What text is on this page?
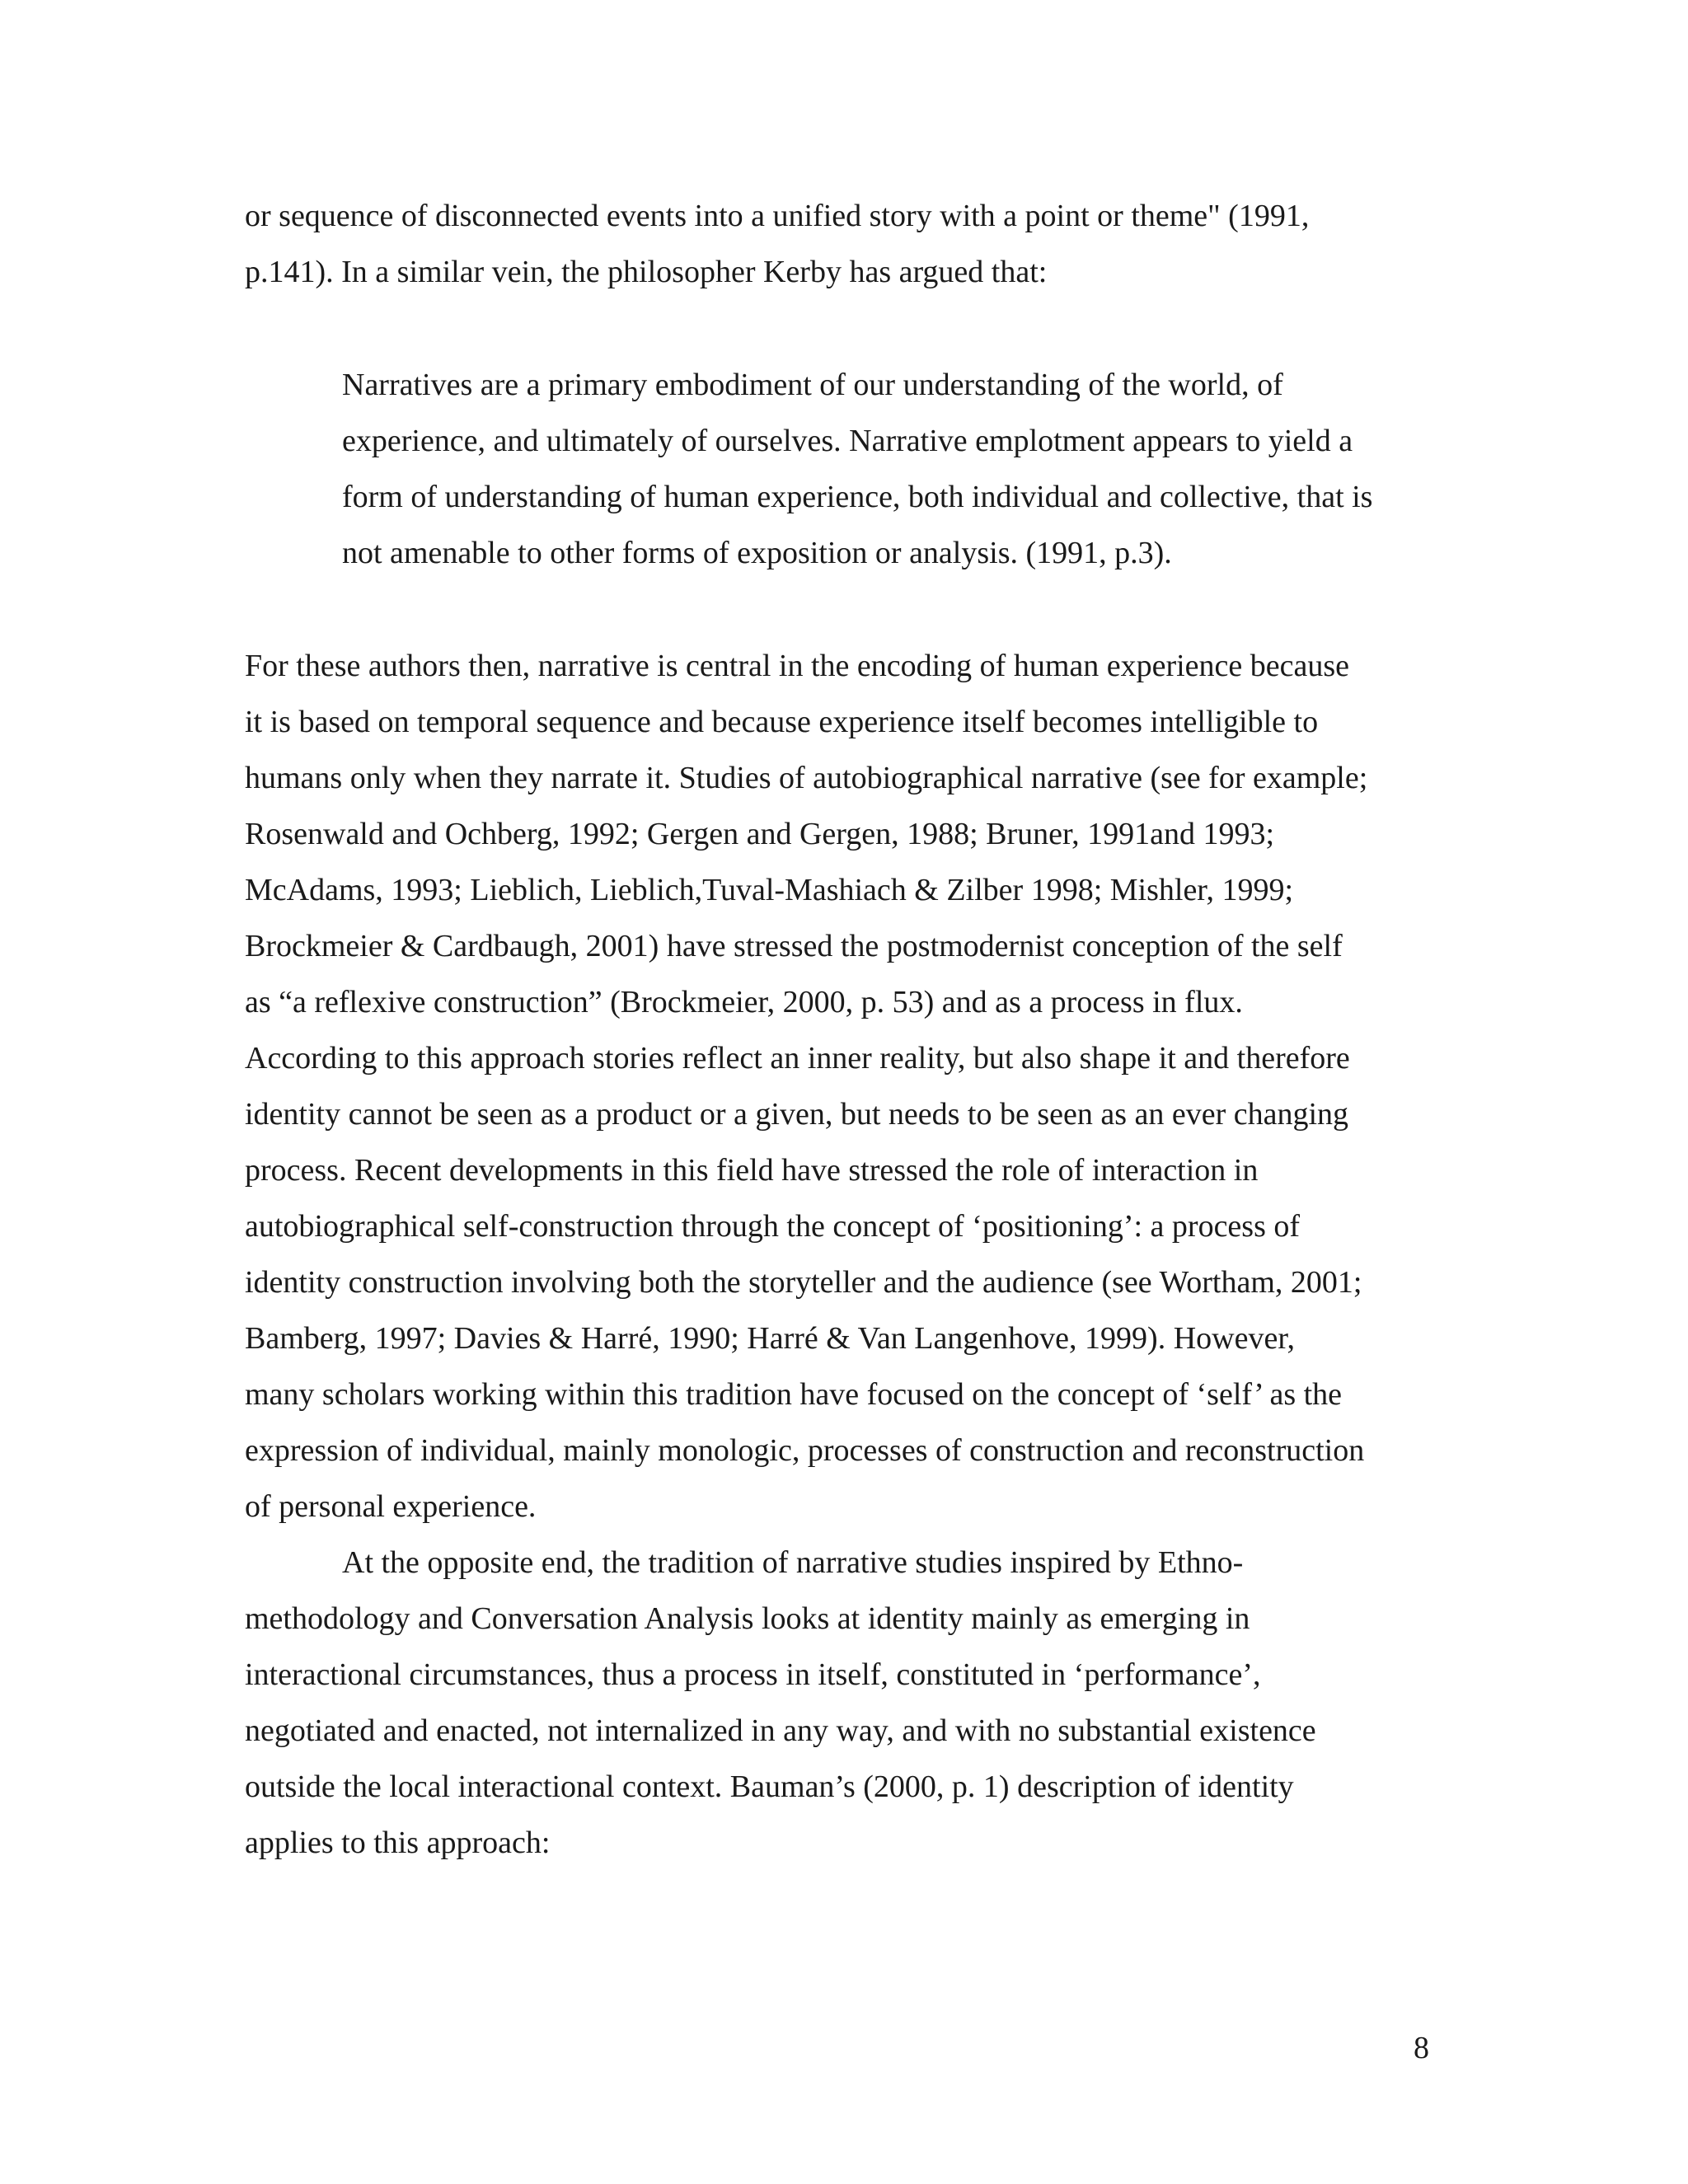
or sequence of disconnected events into a unified story with a point or theme" (1991,

p.141). In a similar vein, the philosopher Kerby has argued that:

Narratives are a primary embodiment of our understanding of the world, of

experience, and ultimately of ourselves. Narrative emplotment appears to yield a

form of understanding of human experience, both individual and collective, that is

not amenable to other forms of exposition or analysis. (1991, p.3).

For these authors then, narrative is central in the encoding of human experience because

it is based on temporal sequence and because experience itself becomes intelligible to

humans only when they narrate it. Studies of autobiographical narrative (see for example;

Rosenwald and Ochberg, 1992; Gergen and Gergen, 1988; Bruner, 1991and 1993;

McAdams, 1993; Lieblich, Lieblich,Tuval-Mashiach & Zilber 1998; Mishler, 1999;

Brockmeier & Cardbaugh, 2001) have stressed the postmodernist conception of the self

as “a reflexive construction” (Brockmeier, 2000, p. 53) and as a process in flux.

According to this approach stories reflect an inner reality, but also shape it and therefore

identity cannot be seen as a product or a given, but needs to be seen as an ever changing

process. Recent developments in this field have stressed the role of interaction in

autobiographical self-construction through the concept of ‘positioning’: a process of

identity construction involving both the storyteller and the audience (see Wortham, 2001;

Bamberg, 1997; Davies & Harré, 1990; Harré & Van Langenhove, 1999). However,

many scholars working within this tradition have focused on the concept of ‘self’ as the

expression of individual, mainly monologic, processes of construction and reconstruction

of personal experience.

At the opposite end, the tradition of narrative studies inspired by Ethno-

methodology and Conversation Analysis looks at identity mainly as emerging in

interactional circumstances, thus a process in itself, constituted in ‘performance’,

negotiated and enacted, not internalized in any way, and with no substantial existence

outside the local interactional context. Bauman’s (2000, p. 1) description of identity

applies to this approach:

8
